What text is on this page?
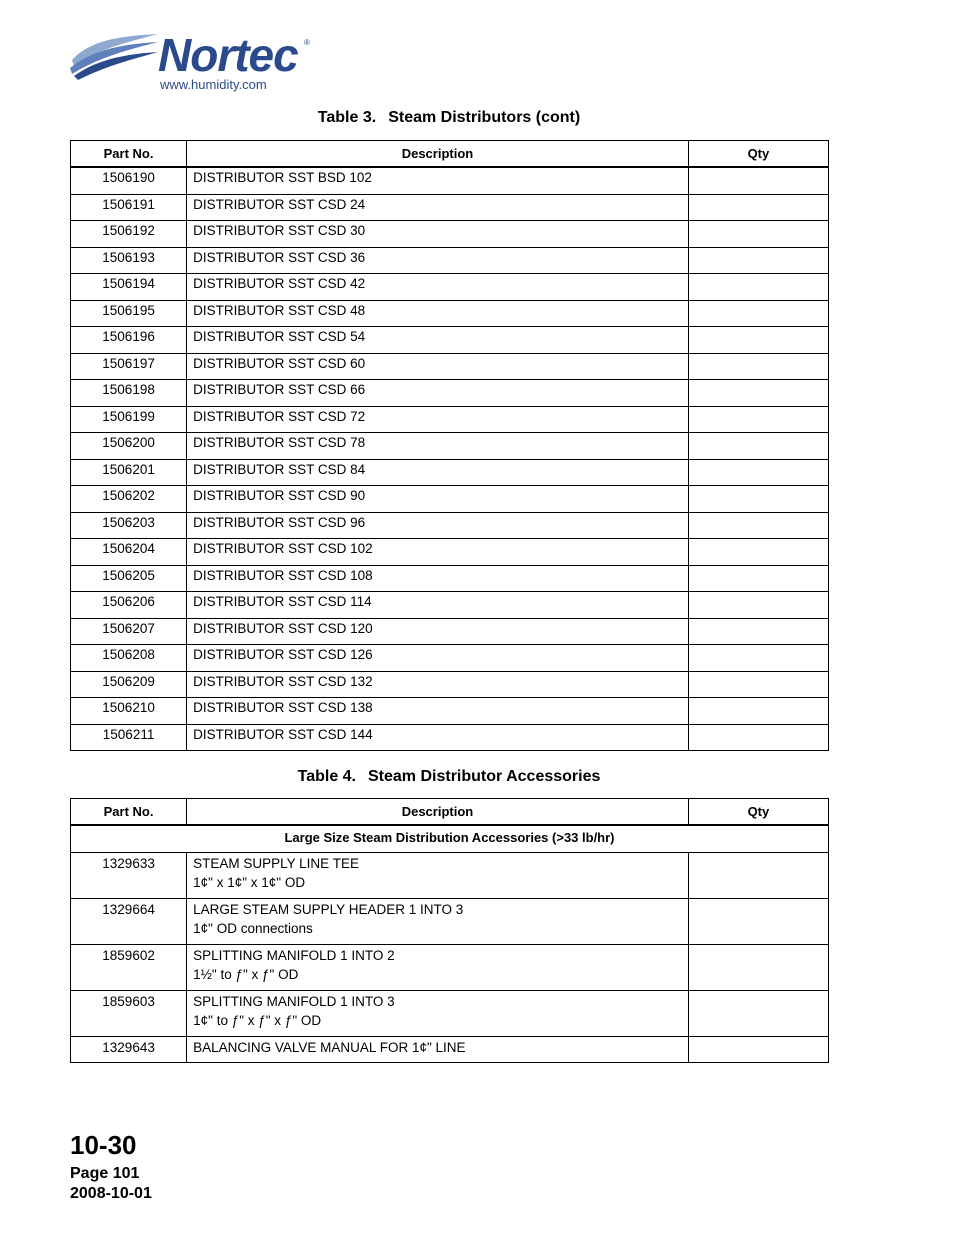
Nortec ®
www.humidity.com
Table 3. Steam Distributors (cont)
Part No.	Description	Qty
1506190	DISTRIBUTOR SST BSD 102	
1506191	DISTRIBUTOR SST CSD 24	
1506192	DISTRIBUTOR SST CSD 30	
1506193	DISTRIBUTOR SST CSD 36	
1506194	DISTRIBUTOR SST CSD 42	
1506195	DISTRIBUTOR SST CSD 48	
1506196	DISTRIBUTOR SST CSD 54	
1506197	DISTRIBUTOR SST CSD 60	
1506198	DISTRIBUTOR SST CSD 66	
1506199	DISTRIBUTOR SST CSD 72	
1506200	DISTRIBUTOR SST CSD 78	
1506201	DISTRIBUTOR SST CSD 84	
1506202	DISTRIBUTOR SST CSD 90	
1506203	DISTRIBUTOR SST CSD 96	
1506204	DISTRIBUTOR SST CSD 102	
1506205	DISTRIBUTOR SST CSD 108	
1506206	DISTRIBUTOR SST CSD 114	
1506207	DISTRIBUTOR SST CSD 120	
1506208	DISTRIBUTOR SST CSD 126	
1506209	DISTRIBUTOR SST CSD 132	
1506210	DISTRIBUTOR SST CSD 138	
1506211	DISTRIBUTOR SST CSD 144	
Table 4. Steam Distributor Accessories
Part No.	Description	Qty
Large Size Steam Distribution Accessories (>33 lb/hr)		
1329633	STEAM SUPPLY LINE TEE
1¢" x 1¢" x 1¢" OD	

1329664	LARGE STEAM SUPPLY HEADER 1 INTO 3
1¢" OD connections	

1859602	SPLITTING MANIFOLD 1 INTO 2
1½" to ƒ" x ƒ" OD	

1859603	SPLITTING MANIFOLD 1 INTO 3
1¢" to ƒ" x ƒ" x ƒ" OD	

1329643	BALANCING VALVE MANUAL FOR 1¢" LINE	

10-30
Page 101
2008-10-01
